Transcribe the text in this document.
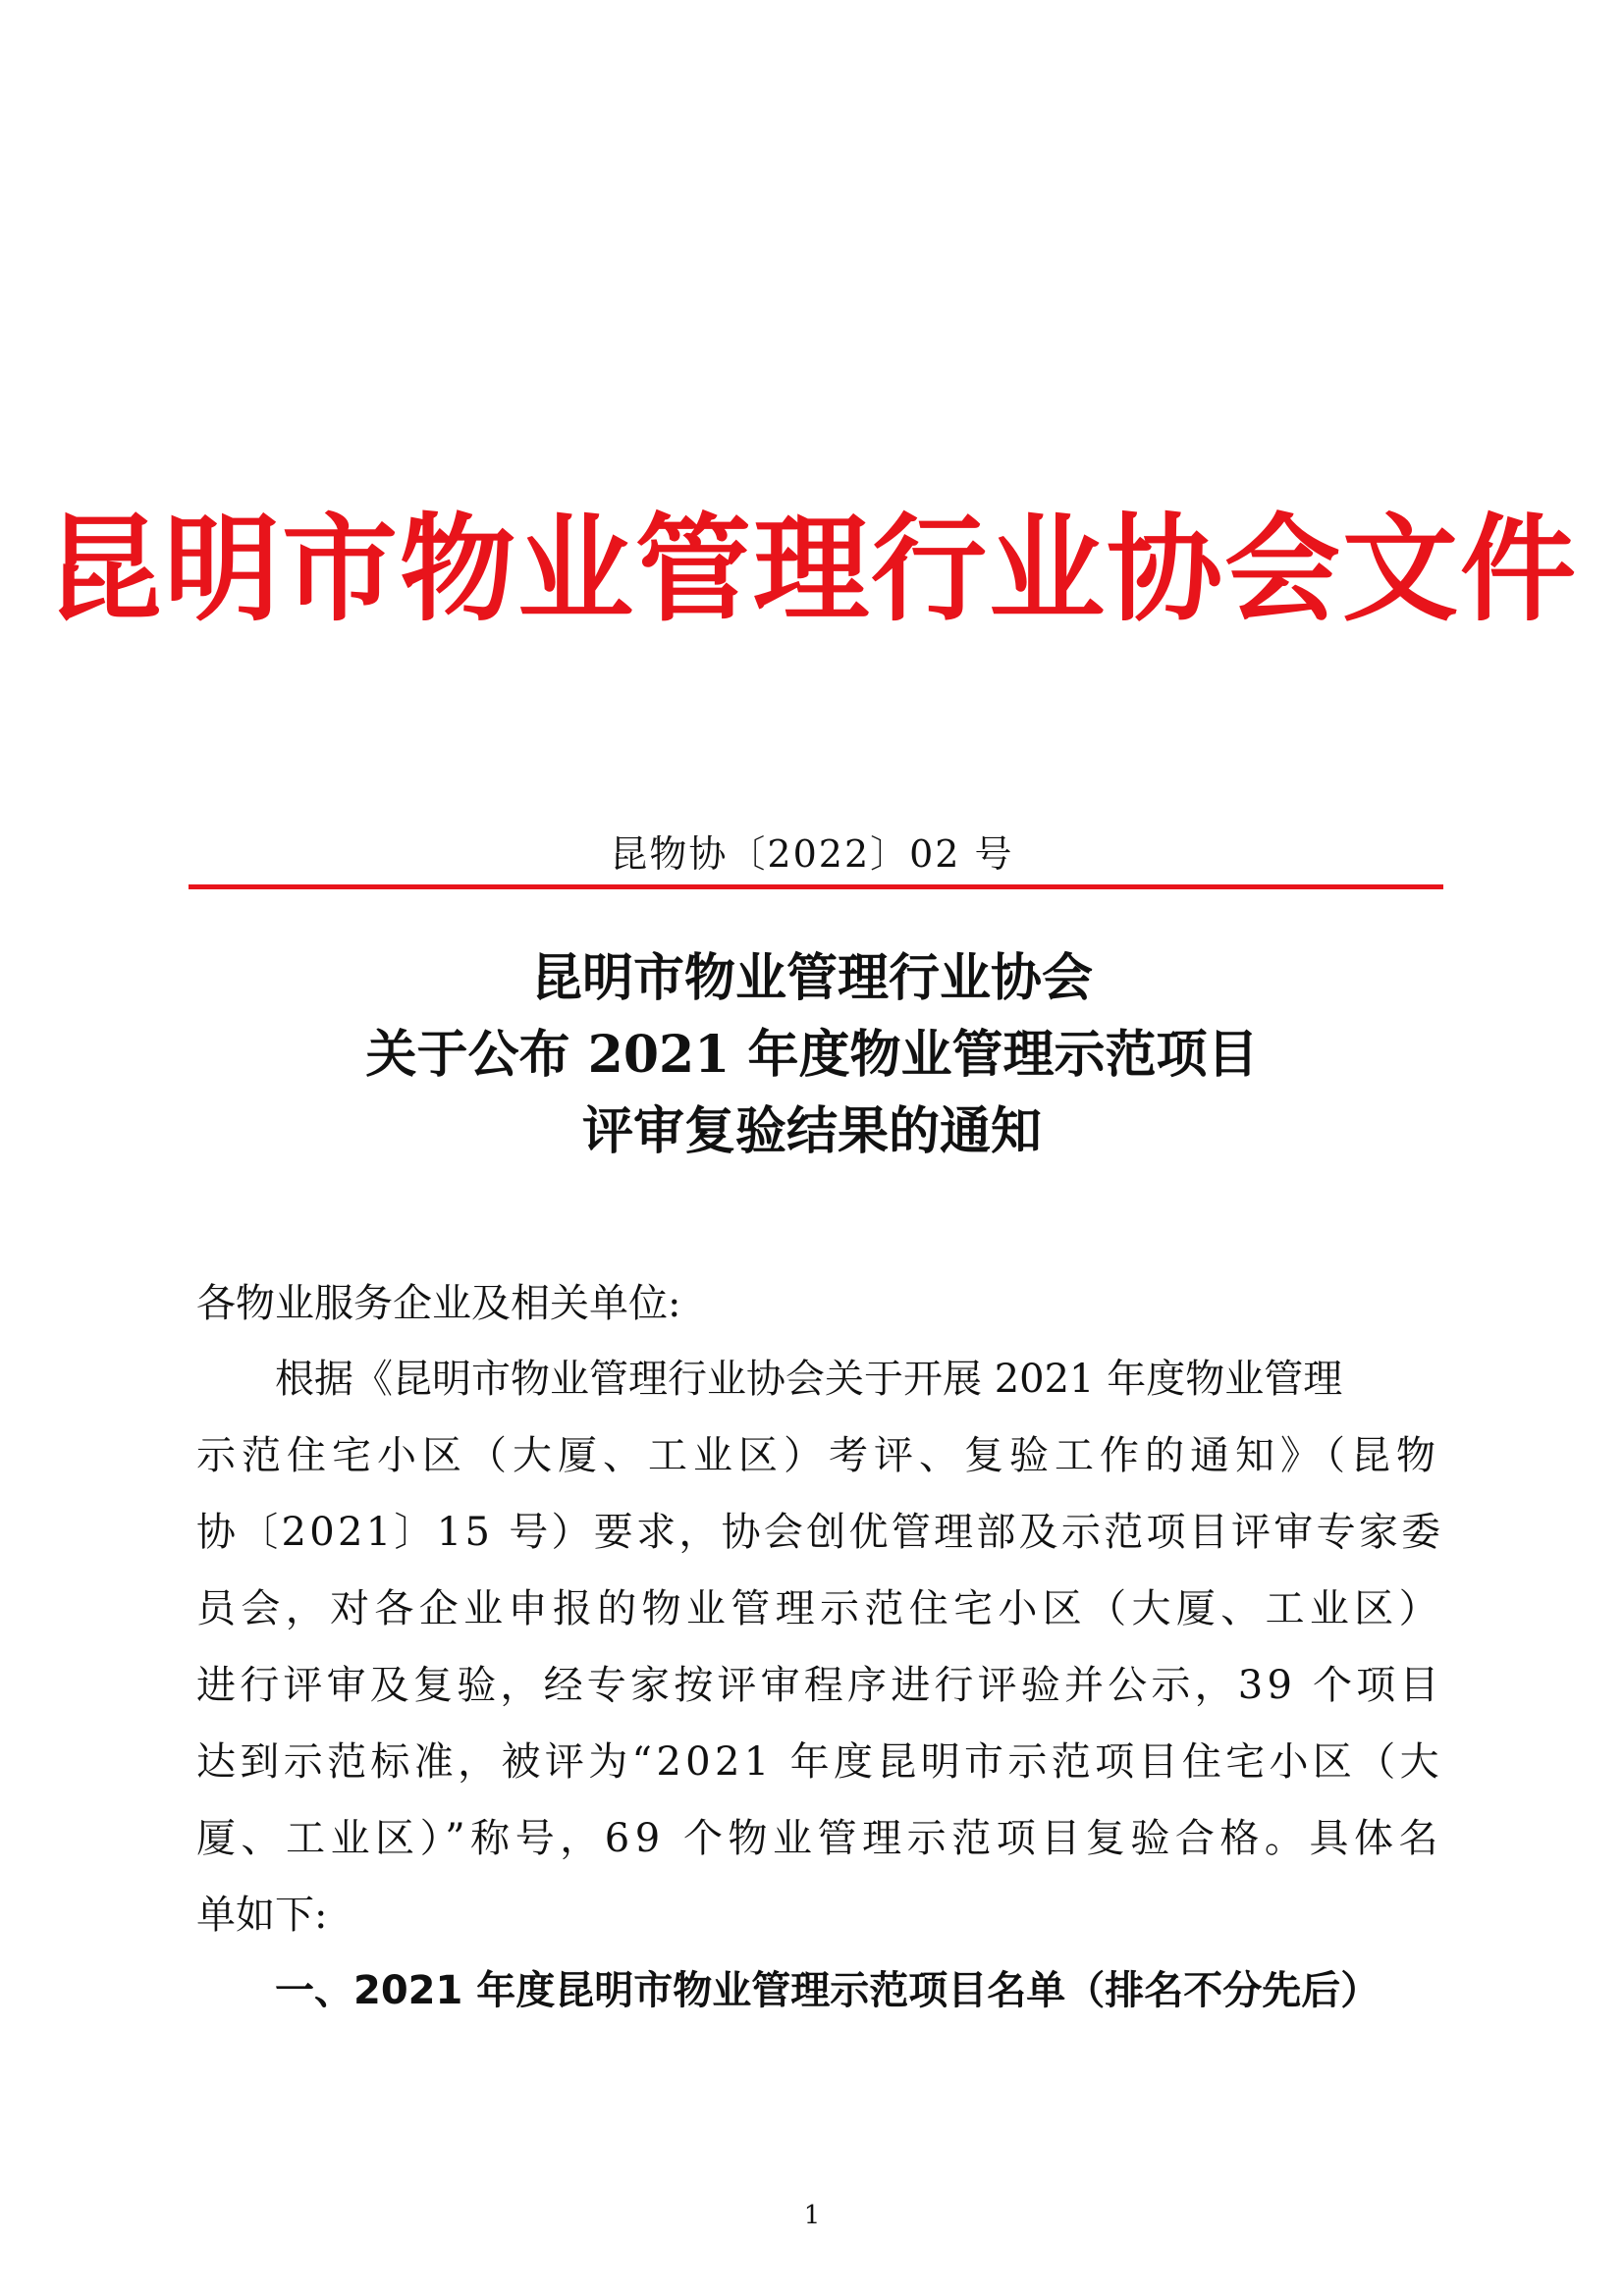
昆明市物业管理行业协会文件
昆物协〔2022〕02 号
昆明市物业管理行业协会
关于公布 2021 年度物业管理示范项目
评审复验结果的通知
各物业服务企业及相关单位:
根据《昆明市物业管理行业协会关于开展 2021 年度物业管理
示范住宅小区（大厦、工业区）考评、复验工作的通知》（昆物
协〔2021〕15 号）要求，协会创优管理部及示范项目评审专家委
员会，对各企业申报的物业管理示范住宅小区（大厦、工业区）
进行评审及复验，经专家按评审程序进行评验并公示，39 个项目
达到示范标准，被评为“2021 年度昆明市示范项目住宅小区（大
厦、工业区）”称号，69 个物业管理示范项目复验合格。具体名
单如下:
一、2021 年度昆明市物业管理示范项目名单（排名不分先后）
1
